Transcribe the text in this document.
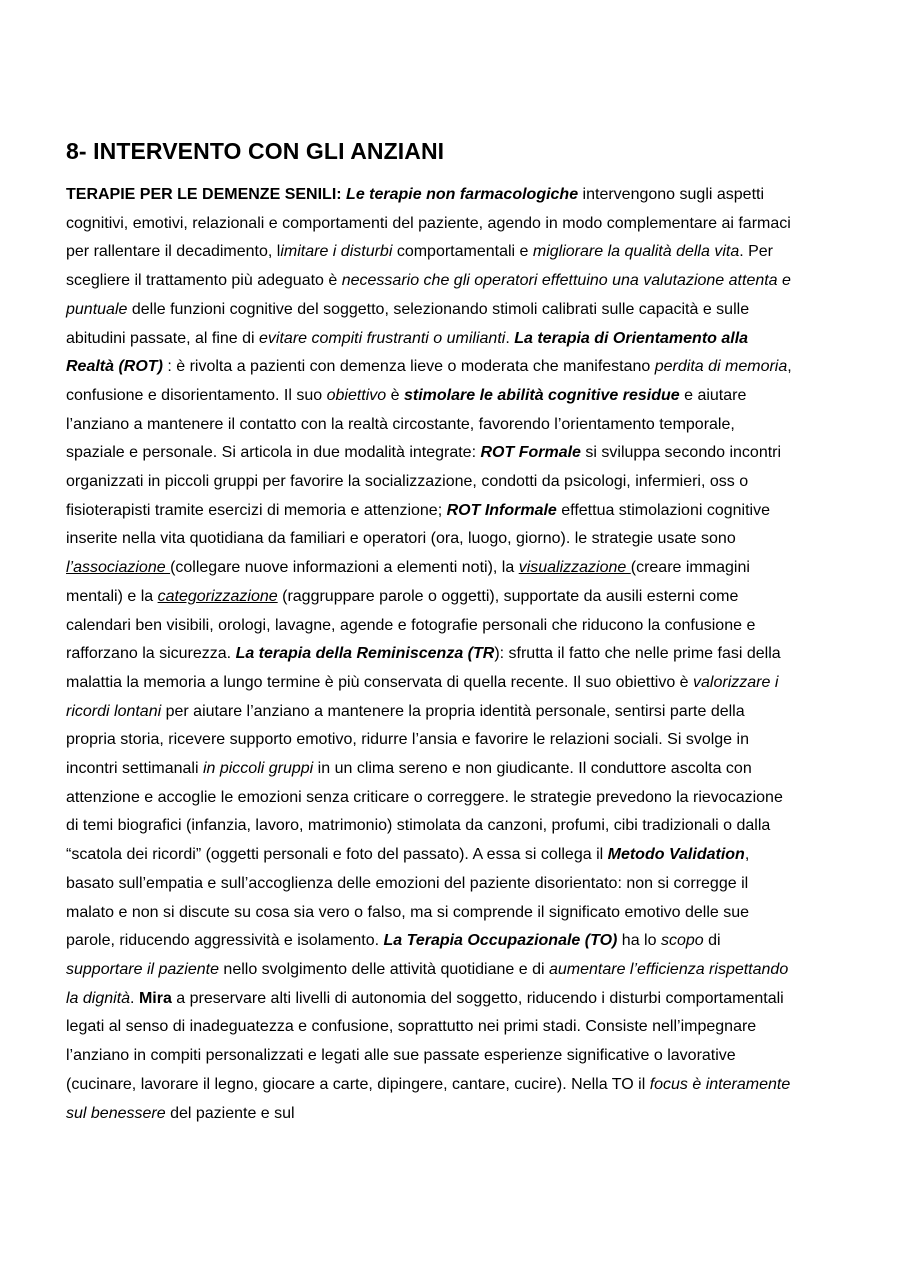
8- INTERVENTO CON GLI ANZIANI
TERAPIE PER LE DEMENZE SENILI: Le terapie non farmacologiche intervengono sugli aspetti cognitivi, emotivi, relazionali e comportamenti del paziente, agendo in modo complementare ai farmaci per rallentare il decadimento, limitare i disturbi comportamentali e migliorare la qualità della vita. Per scegliere il trattamento più adeguato è necessario che gli operatori effettuino una valutazione attenta e puntuale delle funzioni cognitive del soggetto, selezionando stimoli calibrati sulle capacità e sulle abitudini passate, al fine di evitare compiti frustranti o umilianti. La terapia di Orientamento alla Realtà (ROT) : è rivolta a pazienti con demenza lieve o moderata che manifestano perdita di memoria, confusione e disorientamento. Il suo obiettivo è stimolare le abilità cognitive residue e aiutare l’anziano a mantenere il contatto con la realtà circostante, favorendo l’orientamento temporale, spaziale e personale. Si articola in due modalità integrate: ROT Formale si sviluppa secondo incontri organizzati in piccoli gruppi per favorire la socializzazione, condotti da psicologi, infermieri, oss o fisioterapisti tramite esercizi di memoria e attenzione; ROT Informale effettua stimolazioni cognitive inserite nella vita quotidiana da familiari e operatori (ora, luogo, giorno). le strategie usate sono l’associazione (collegare nuove informazioni a elementi noti), la visualizzazione (creare immagini mentali) e la categorizzazione (raggruppare parole o oggetti), supportate da ausili esterni come calendari ben visibili, orologi, lavagne, agende e fotografie personali che riducono la confusione e rafforzano la sicurezza. La terapia della Reminiscenza (TR): sfrutta il fatto che nelle prime fasi della malattia la memoria a lungo termine è più conservata di quella recente. Il suo obiettivo è valorizzare i ricordi lontani per aiutare l’anziano a mantenere la propria identità personale, sentirsi parte della propria storia, ricevere supporto emotivo, ridurre l’ansia e favorire le relazioni sociali. Si svolge in incontri settimanali in piccoli gruppi in un clima sereno e non giudicante. Il conduttore ascolta con attenzione e accoglie le emozioni senza criticare o correggere. le strategie prevedono la rievocazione di temi biografici (infanzia, lavoro, matrimonio) stimolata da canzoni, profumi, cibi tradizionali o dalla “scatola dei ricordi” (oggetti personali e foto del passato). A essa si collega il Metodo Validation, basato sull’empatia e sull’accoglienza delle emozioni del paziente disorientato: non si corregge il malato e non si discute su cosa sia vero o falso, ma si comprende il significato emotivo delle sue parole, riducendo aggressività e isolamento. La Terapia Occupazionale (TO) ha lo scopo di supportare il paziente nello svolgimento delle attività quotidiane e di aumentare l’efficienza rispettando la dignità. Mira a preservare alti livelli di autonomia del soggetto, riducendo i disturbi comportamentali legati al senso di inadeguatezza e confusione, soprattutto nei primi stadi. Consiste nell’impegnare l’anziano in compiti personalizzati e legati alle sue passate esperienze significative o lavorative (cucinare, lavorare il legno, giocare a carte, dipingere, cantare, cucire). Nella TO il focus è interamente sul benessere del paziente e sul
